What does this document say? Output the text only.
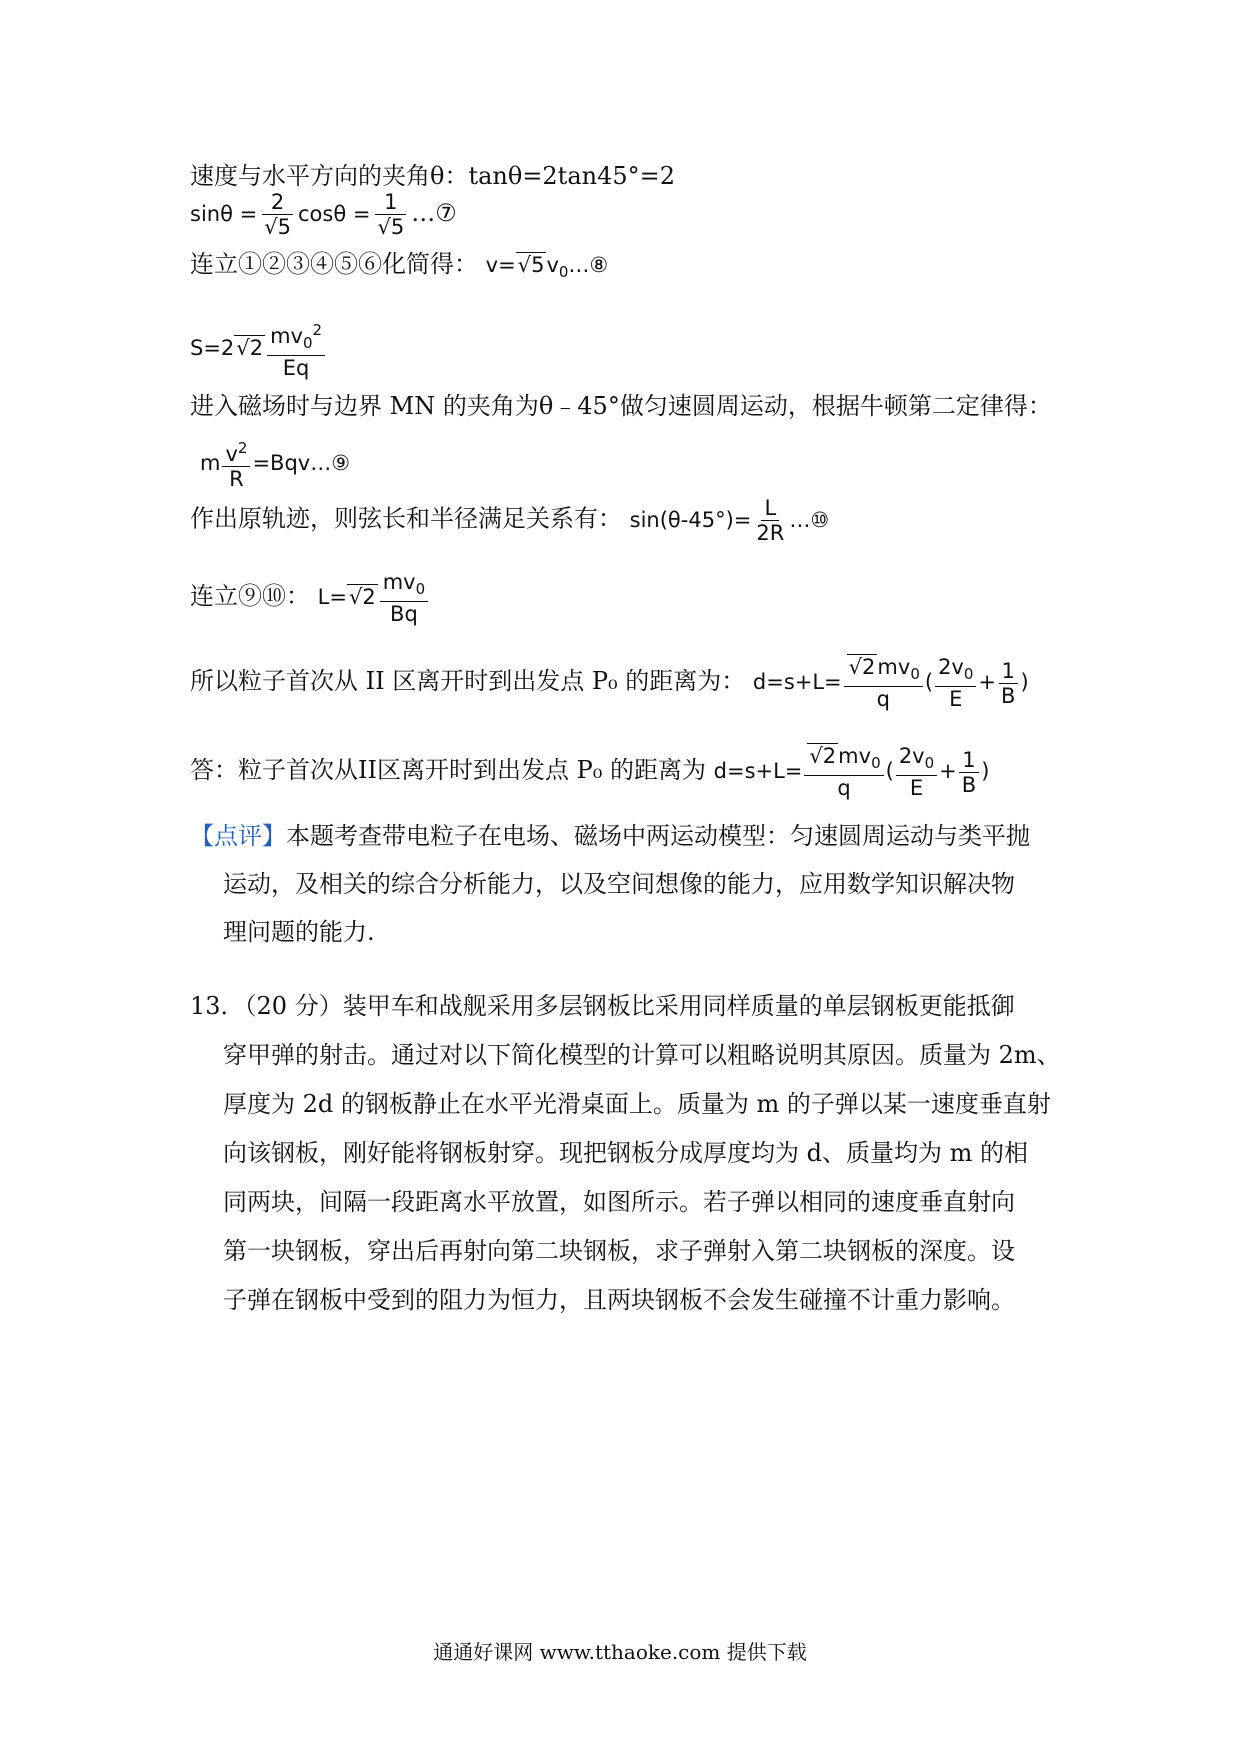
速度与水平方向的夹角θ：tanθ=2tan45°=2
sinθ = 2
√ 5 cosθ = 1
√ 5 …⑦
连立①②③④⑤⑥化简得： v= √ $5v_0\dots ⑧$
S=2 √ $2 \frac{mv_0^2}{Eq}$
进入磁场时与边界 MN 的夹角为θ﹣45°做匀速圆周运动，根据牛顿第二定律得：
m $\frac{v^2}{R}$ =Bqv…⑨
作出原轨迹，则弦长和半径满足关系有： $\sin(\theta-45^\circ)= \frac{L}{2R}$ …⑩
连立⑨⑩： L= √ $2 \frac{mv_0}{Bq}$
所以粒子首次从 II 区离开时到出发点 P₀ 的距离为： d=s+L= √ $\frac{2mv_0}{q}$ ( $\frac{2v_0}{E} + \frac{1}{B}$ )
答：粒子首次从II区离开时到出发点 P₀ 的距离为 d=s+L= √ $\frac{2mv_0}{q}$ ( $\frac{2v_0}{E} + \frac{1}{B}$ )
【点评】本题考查带电粒子在电场、磁场中两运动模型：匀速圆周运动与类平抛
运动，及相关的综合分析能力，以及空间想像的能力，应用数学知识解决物
理问题的能力.
13．（20 分）装甲车和战舰采用多层钢板比采用同样质量的单层钢板更能抵御
穿甲弹的射击。通过对以下简化模型的计算可以粗略说明其原因。质量为 2m、
厚度为 2d 的钢板静止在水平光滑桌面上。质量为 m 的子弹以某一速度垂直射
向该钢板，刚好能将钢板射穿。现把钢板分成厚度均为 d、质量均为 m 的相
同两块，间隔一段距离水平放置，如图所示。若子弹以相同的速度垂直射向
第一块钢板，穿出后再射向第二块钢板，求子弹射入第二块钢板的深度。设
子弹在钢板中受到的阻力为恒力，且两块钢板不会发生碰撞不计重力影响。
通通好课网 www.tthaoke.com 提供下载
